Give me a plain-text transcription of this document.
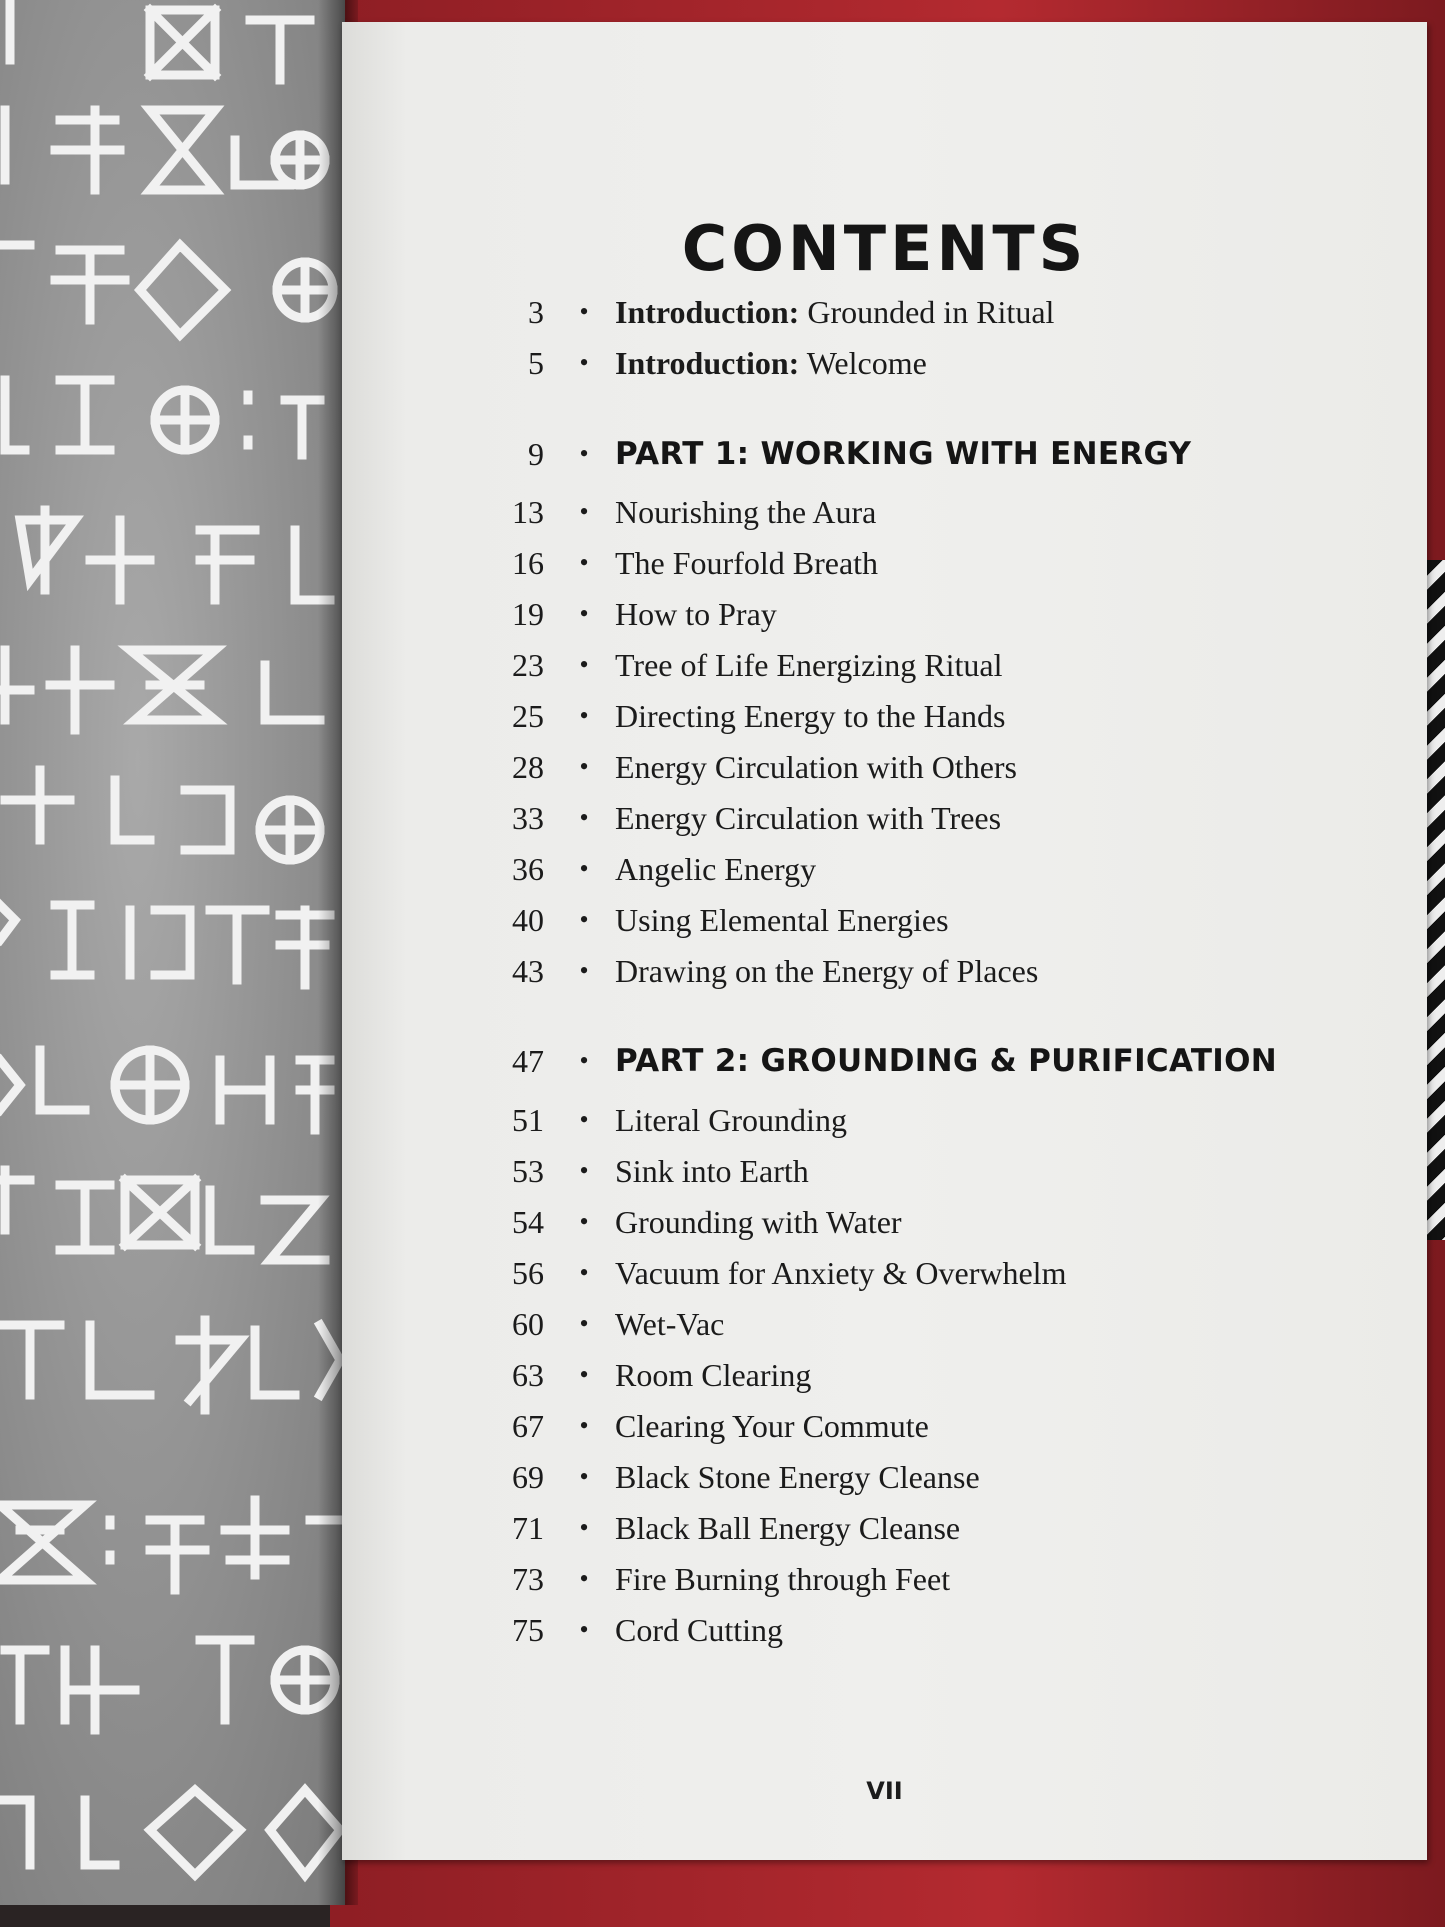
CONTENTS
3 • Introduction: Grounded in Ritual
5 • Introduction: Welcome
9 • PART 1: WORKING WITH ENERGY
13 • Nourishing the Aura
16 • The Fourfold Breath
19 • How to Pray
23 • Tree of Life Energizing Ritual
25 • Directing Energy to the Hands
28 • Energy Circulation with Others
33 • Energy Circulation with Trees
36 • Angelic Energy
40 • Using Elemental Energies
43 • Drawing on the Energy of Places
47 • PART 2: GROUNDING & PURIFICATION
51 • Literal Grounding
53 • Sink into Earth
54 • Grounding with Water
56 • Vacuum for Anxiety & Overwhelm
60 • Wet-Vac
63 • Room Clearing
67 • Clearing Your Commute
69 • Black Stone Energy Cleanse
71 • Black Ball Energy Cleanse
73 • Fire Burning through Feet
75 • Cord Cutting
VII
